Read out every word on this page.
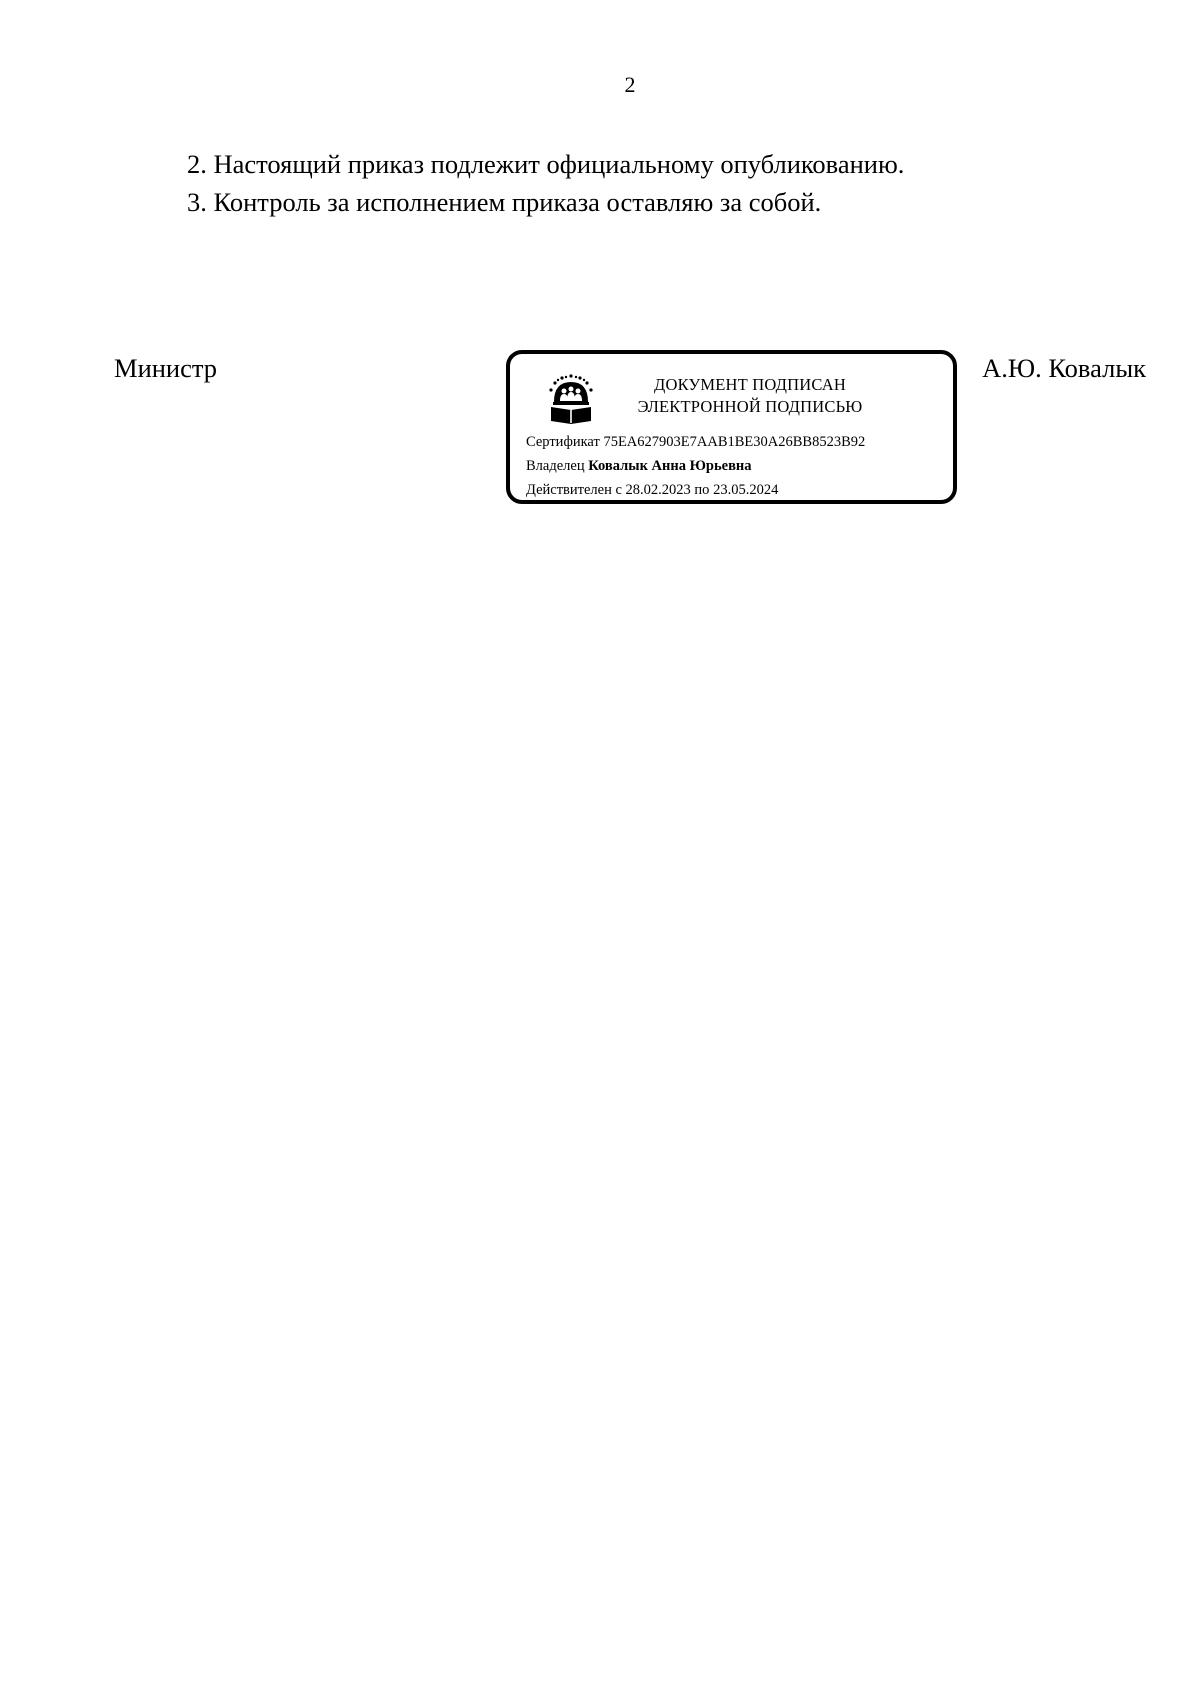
2
2. Настоящий приказ подлежит официальному опубликованию.
3. Контроль за исполнением приказа оставляю за собой.
Министр
ДОКУМЕНТ ПОДПИСАН
ЭЛЕКТРОННОЙ ПОДПИСЬЮ
Сертификат 75EA627903E7AAB1BE30A26BB8523B92
Владелец Ковалык Анна Юрьевна
Действителен с 28.02.2023 по 23.05.2024
А.Ю. Ковалык
